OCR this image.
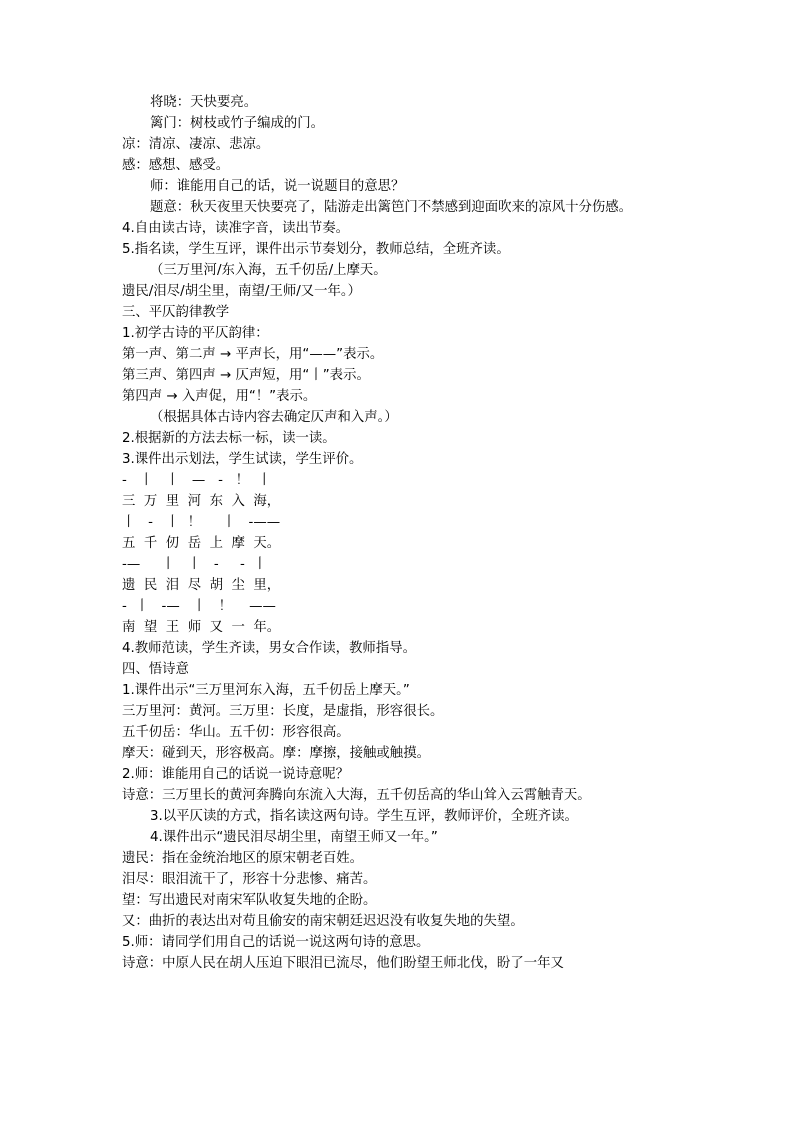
将晓：天快要亮。
篱门：树枝或竹子编成的门。
凉：清凉、凄凉、悲凉。
感：感想、感受。
师：谁能用自己的话，说一说题目的意思？
题意：秋天夜里天快要亮了，陆游走出篱笆门不禁感到迎面吹来的凉风十分伤感。
4.自由读古诗，读准字音，读出节奏。
5.指名读，学生互评，课件出示节奏划分，教师总结，全班齐读。
（三万里河/东入海，五千仞岳/上摩天。
遗民/泪尽/胡尘里，南望/王师/又一年。）
三、平仄韵律教学
1.初学古诗的平仄韵律：
第一声、第二声 → 平声长，用“——”表示。
第三声、第四声 → 仄声短，用“丨”表示。
第四声 → 入声促，用“！”表示。
（根据具体古诗内容去确定仄声和入声。）
2.根据新的方法去标一标，读一读。
3.课件出示划法，学生试读，学生评价。
-   丨   丨   —   -   ！  丨
三  万  里  河  东  入  海，
丨   -   丨  ！     丨   -——
五  千  仞  岳  上  摩  天。
-—     丨   丨   -     -  丨
遗  民  泪  尽  胡  尘  里，
-  丨   -—   丨   ！    ——
南  望  王  师  又  一  年。
4.教师范读，学生齐读，男女合作读，教师指导。
四、悟诗意
1.课件出示“三万里河东入海，五千仞岳上摩天。”
三万里河：黄河。三万里：长度，是虚指，形容很长。
五千仞岳：华山。五千仞：形容很高。
摩天：碰到天，形容极高。摩：摩擦，接触或触摸。
2.师：谁能用自己的话说一说诗意呢？
诗意：三万里长的黄河奔腾向东流入大海，五千仞岳高的华山耸入云霄触青天。
3.以平仄读的方式，指名读这两句诗。学生互评，教师评价，全班齐读。
4.课件出示“遗民泪尽胡尘里，南望王师又一年。”
遗民：指在金统治地区的原宋朝老百姓。
泪尽：眼泪流干了，形容十分悲惨、痛苦。
望：写出遗民对南宋军队收复失地的企盼。
又：曲折的表达出对苟且偷安的南宋朝廷迟迟没有收复失地的失望。
5.师：请同学们用自己的话说一说这两句诗的意思。
诗意：中原人民在胡人压迫下眼泪已流尽，他们盼望王师北伐，盼了一年又
